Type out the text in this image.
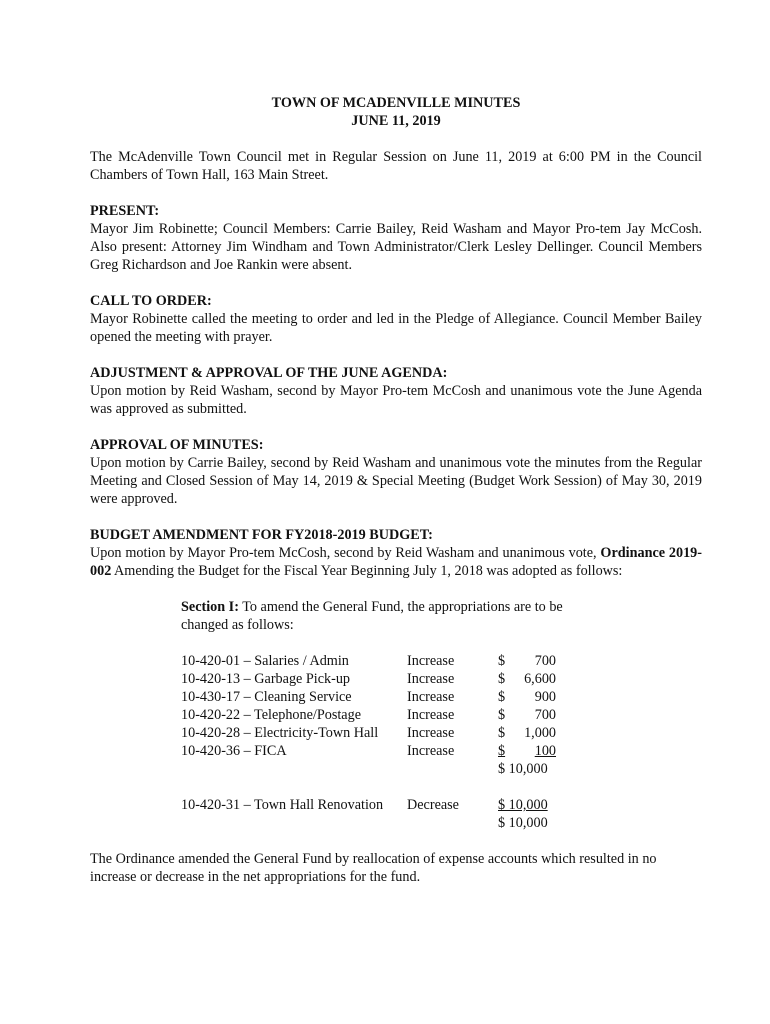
TOWN OF MCADENVILLE MINUTES

JUNE 11, 2019

The McAdenville Town Council met in Regular Session on June 11, 2019 at 6:00 PM in the Council Chambers of Town Hall, 163 Main Street.

PRESENT:

Mayor Jim Robinette; Council Members: Carrie Bailey, Reid Washam and Mayor Pro-tem Jay McCosh. Also present: Attorney Jim Windham and Town Administrator/Clerk Lesley Dellinger. Council Members Greg Richardson and Joe Rankin were absent.

CALL TO ORDER:

Mayor Robinette called the meeting to order and led in the Pledge of Allegiance. Council Member Bailey opened the meeting with prayer.

ADJUSTMENT & APPROVAL OF THE JUNE AGENDA:

Upon motion by Reid Washam, second by Mayor Pro-tem McCosh and unanimous vote the June Agenda was approved as submitted.

APPROVAL OF MINUTES:

Upon motion by Carrie Bailey, second by Reid Washam and unanimous vote the minutes from the Regular Meeting and Closed Session of May 14, 2019 & Special Meeting (Budget Work Session) of May 30, 2019 were approved.

BUDGET AMENDMENT FOR FY2018-2019 BUDGET:

Upon motion by Mayor Pro-tem McCosh, second by Reid Washam and unanimous vote, Ordinance 2019-002 Amending the Budget for the Fiscal Year Beginning July 1, 2018 was adopted as follows:

Section I: To amend the General Fund, the appropriations are to be changed as follows:

10-420-01 – Salaries / Admin	Increase	$ 700

10-420-13 – Garbage Pick-up	Increase	$ 6,600

10-430-17 – Cleaning Service	Increase	$ 900

10-420-22 – Telephone/Postage	Increase	$ 700

10-420-28 – Electricity-Town Hall	Increase	$ 1,000

10-420-36 – FICA	Increase	$ 100

		$ 10,000

10-420-31 – Town Hall Renovation	Decrease	$ 10,000
		$ 10,000

The Ordinance amended the General Fund by reallocation of expense accounts which resulted in no increase or decrease in the net appropriations for the fund.
